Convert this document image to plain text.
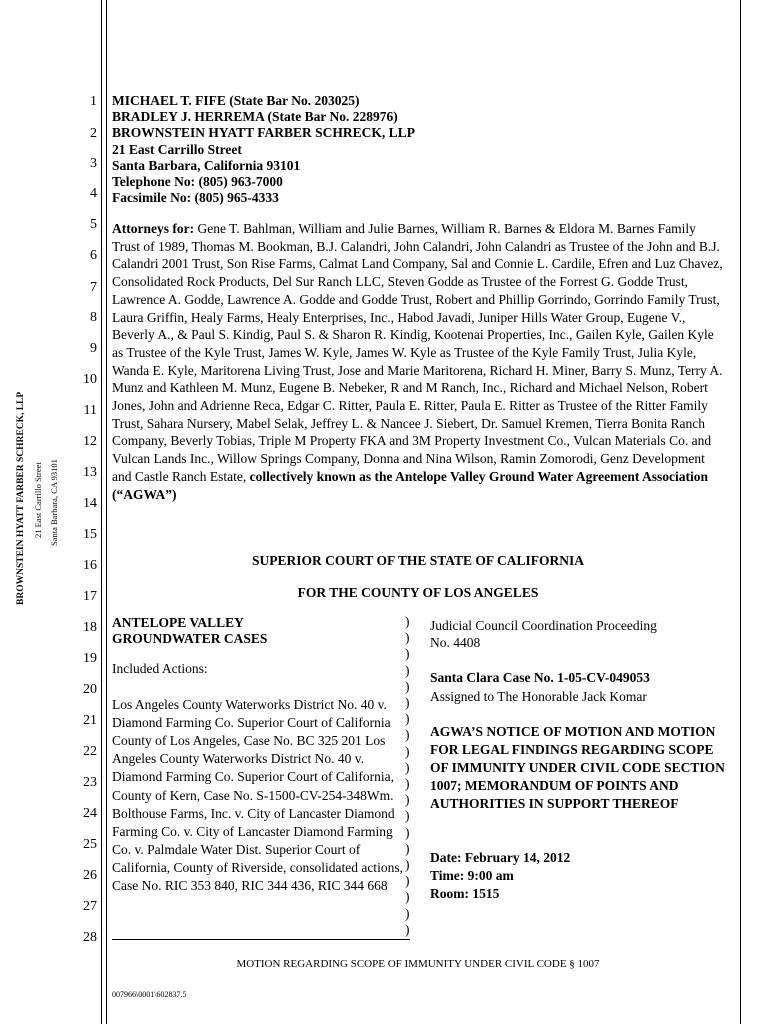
BROWNSTEIN HYATT FARBER SCHRECK, LLP 21 East Carrillo Street Santa Barbara, CA 93101
1
2
3
4
5
6
7
8
9
10
11
12
13
14
15
16
17
18
19
20
21
22
23
24
25
26
27
28
MICHAEL T. FIFE (State Bar No. 203025)
BRADLEY J. HERREMA (State Bar No. 228976)
BROWNSTEIN HYATT FARBER SCHRECK, LLP
21 East Carrillo Street
Santa Barbara, California 93101
Telephone No: (805) 963-7000
Facsimile No: (805) 965-4333
Attorneys for: Gene T. Bahlman, William and Julie Barnes, William R. Barnes & Eldora M. Barnes Family Trust of 1989, Thomas M. Bookman, B.J. Calandri, John Calandri, John Calandri as Trustee of the John and B.J. Calandri 2001 Trust, Son Rise Farms, Calmat Land Company, Sal and Connie L. Cardile, Efren and Luz Chavez, Consolidated Rock Products, Del Sur Ranch LLC, Steven Godde as Trustee of the Forrest G. Godde Trust, Lawrence A. Godde, Lawrence A. Godde and Godde Trust, Robert and Phillip Gorrindo, Gorrindo Family Trust, Laura Griffin, Healy Farms, Healy Enterprises, Inc., Habod Javadi, Juniper Hills Water Group, Eugene V., Beverly A., & Paul S. Kindig, Paul S. & Sharon R. Kindig, Kootenai Properties, Inc., Gailen Kyle, Gailen Kyle as Trustee of the Kyle Trust, James W. Kyle, James W. Kyle as Trustee of the Kyle Family Trust, Julia Kyle, Wanda E. Kyle, Maritorena Living Trust, Jose and Marie Maritorena, Richard H. Miner, Barry S. Munz, Terry A. Munz and Kathleen M. Munz, Eugene B. Nebeker, R and M Ranch, Inc., Richard and Michael Nelson, Robert Jones, John and Adrienne Reca, Edgar C. Ritter, Paula E. Ritter, Paula E. Ritter as Trustee of the Ritter Family Trust, Sahara Nursery, Mabel Selak, Jeffrey L. & Nancee J. Siebert, Dr. Samuel Kremen, Tierra Bonita Ranch Company, Beverly Tobias, Triple M Property FKA and 3M Property Investment Co., Vulcan Materials Co. and Vulcan Lands Inc., Willow Springs Company, Donna and Nina Wilson, Ramin Zomorodi, Genz Development and Castle Ranch Estate, collectively known as the Antelope Valley Ground Water Agreement Association (“AGWA”)
SUPERIOR COURT OF THE STATE OF CALIFORNIA
FOR THE COUNTY OF LOS ANGELES
ANTELOPE VALLEY
GROUNDWATER CASES
Included Actions:
Los Angeles County Waterworks District No. 40 v. Diamond Farming Co. Superior Court of California County of Los Angeles, Case No. BC 325 201 Los Angeles County Waterworks District No. 40 v. Diamond Farming Co. Superior Court of California, County of Kern, Case No. S-1500-CV-254-348Wm. Bolthouse Farms, Inc. v. City of Lancaster Diamond Farming Co. v. City of Lancaster Diamond Farming Co. v. Palmdale Water Dist. Superior Court of California, County of Riverside, consolidated actions, Case No. RIC 353 840, RIC 344 436, RIC 344 668
)
)
)
)
)
)
)
)
)
)
)
)
)
)
)
)
)
)
)
)
Judicial Council Coordination Proceeding
No. 4408
Santa Clara Case No. 1-05-CV-049053
Assigned to The Honorable Jack Komar
AGWA’S NOTICE OF MOTION AND MOTION FOR LEGAL FINDINGS REGARDING SCOPE OF IMMUNITY UNDER CIVIL CODE SECTION 1007; MEMORANDUM OF POINTS AND AUTHORITIES IN SUPPORT THEREOF
Date: February 14, 2012
Time: 9:00 am
Room: 1515
MOTION REGARDING SCOPE OF IMMUNITY UNDER CIVIL CODE § 1007
007966\0001\602837.5
